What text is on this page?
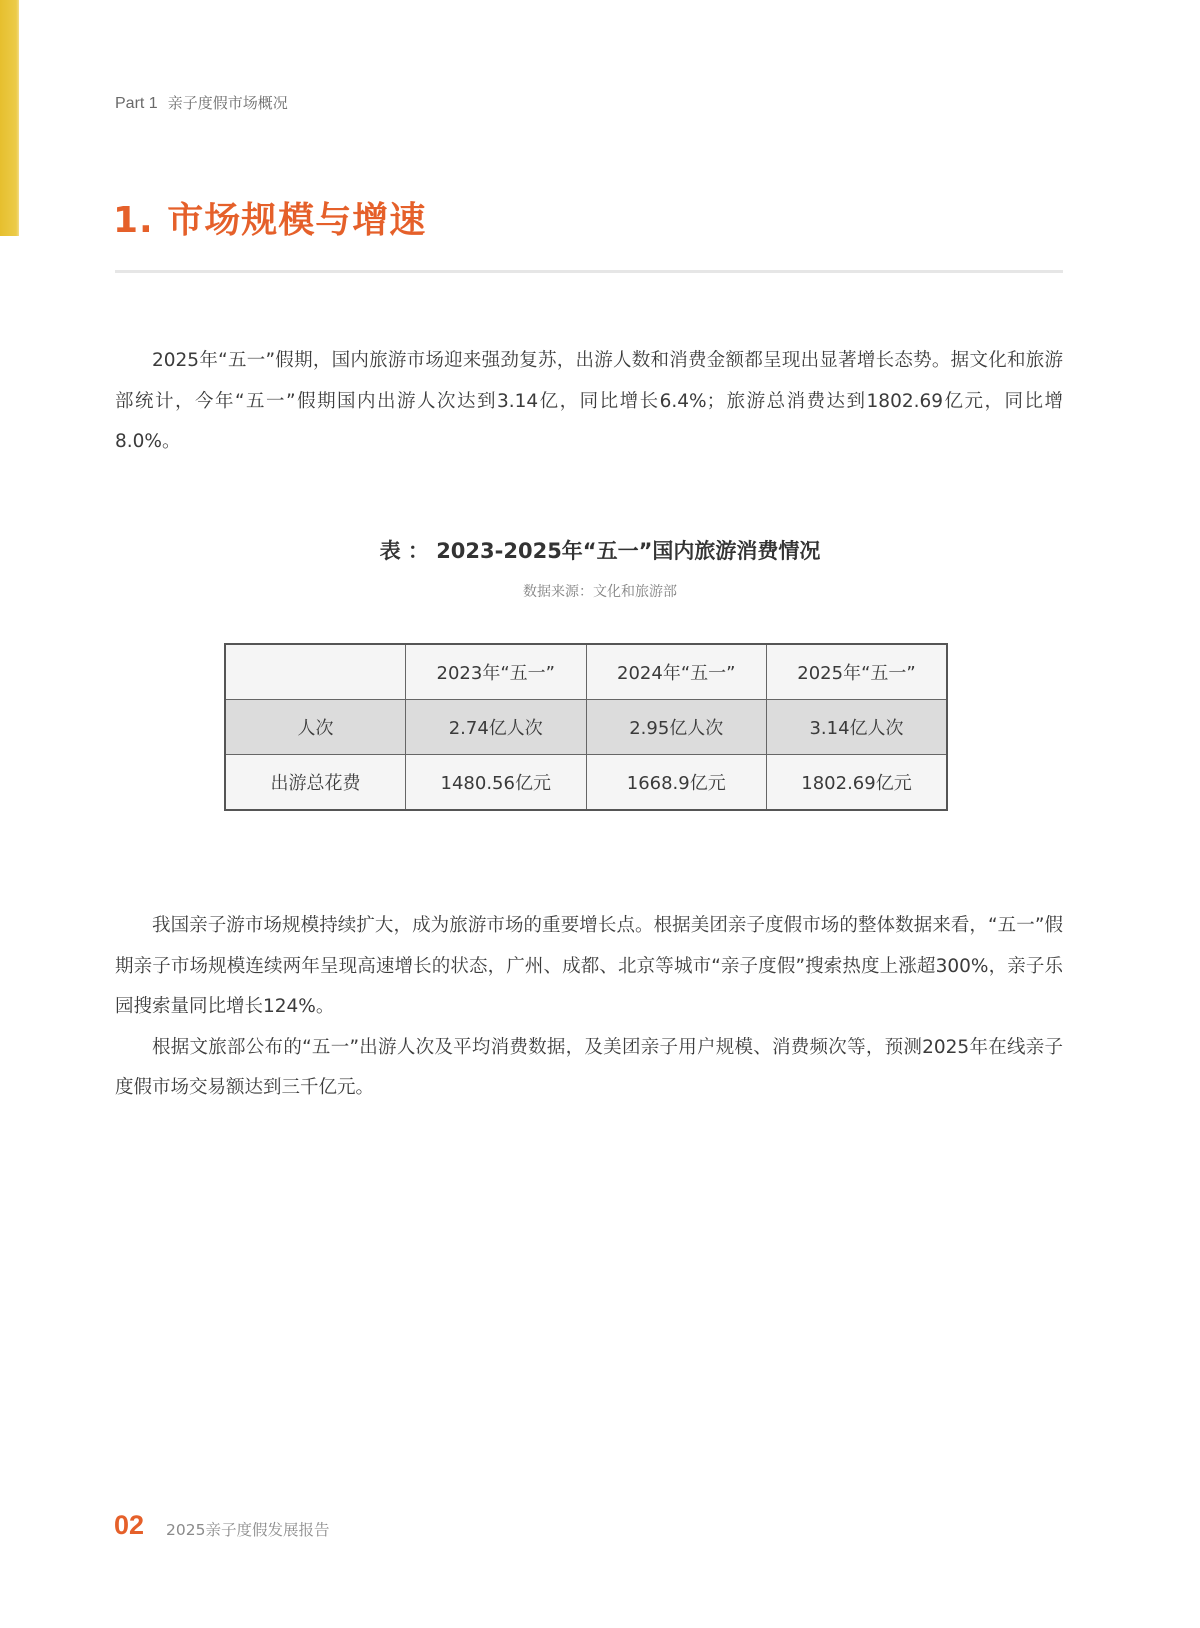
Part 1 亲子度假市场概况
1. 市场规模与增速

2025年“五一”假期，国内旅游市场迎来强劲复苏，出游人数和消费金额都呈现出显著增长态势。据文化和旅游部统计，今年“五一”假期国内出游人次达到3.14亿，同比增长6.4%；旅游总消费达到1802.69亿元，同比增8.0%。

表 ： 2023-2025年“五一”国内旅游消费情况
数据来源：文化和旅游部
	2023年“五一”	2024年“五一”	2025年“五一”
人次	2.74亿人次	2.95亿人次	3.14亿人次
出游总花费	1480.56亿元	1668.9亿元	1802.69亿元

我国亲子游市场规模持续扩大，成为旅游市场的重要增长点。根据美团亲子度假市场的整体数据来看，“五一”假期亲子市场规模连续两年呈现高速增长的状态，广州、成都、北京等城市“亲子度假”搜索热度上涨超300%，亲子乐园搜索量同比增长124%。

根据文旅部公布的“五一”出游人次及平均消费数据，及美团亲子用户规模、消费频次等，预测2025年在线亲子度假市场交易额达到三千亿元。

02 2025亲子度假发展报告
